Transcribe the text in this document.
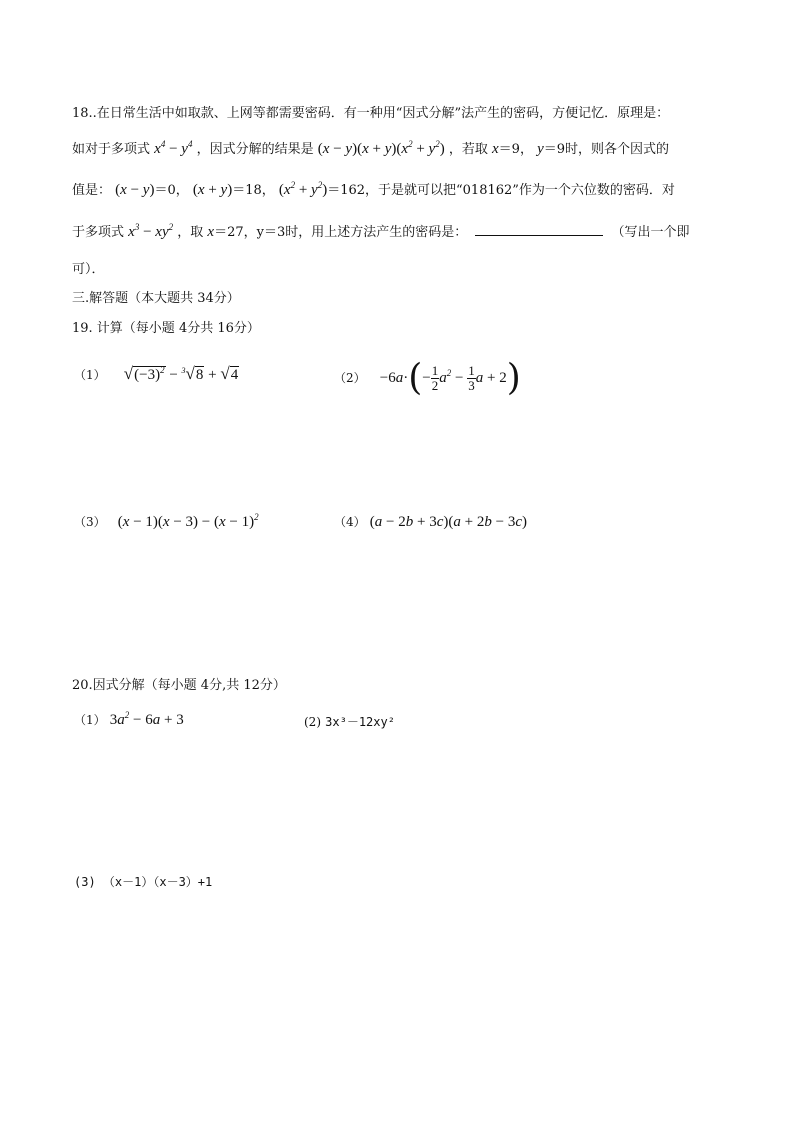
18..在日常生活中如取款、上网等都需要密码．有一种用“因式分解”法产生的密码，方便记忆．原理是：
如对于多项式 $x^4 - y^4$ ，因式分解的结果是 $(x - y)(x + y)(x^2 + y^2)$ ，若取 x＝9， y＝9时，则各个因式的
值是： (x − y)＝0， (x + y)＝18， $(x^2 + y^2)=162$，于是就可以把“018162”作为一个六位数的密码．对
于多项式 $x^3 - xy^2$ ，取 x＝27，y＝3时，用上述方法产生的密码是：	（写出一个即
可）．
三.解答题（本大题共 34分）
19. 计算（每小题 4分共 16分）
（1） $√(-3)^2 - ^3√8 + √4$	$(2) -6a\cdot(- \frac{1}{2} a^2 - \frac{1}{3}$ a + 2)
（3） $(x - 1)(x - 3) - (x - 1)^2$	（4） (a − 2b + 3c)(a + 2b − 3c)
20.因式分解（每小题 4分,共 12分）
（1） $3a^2 - 6a + 3$	(2) 3x³－12xy²
(3) （x－1）（x－3）+1
